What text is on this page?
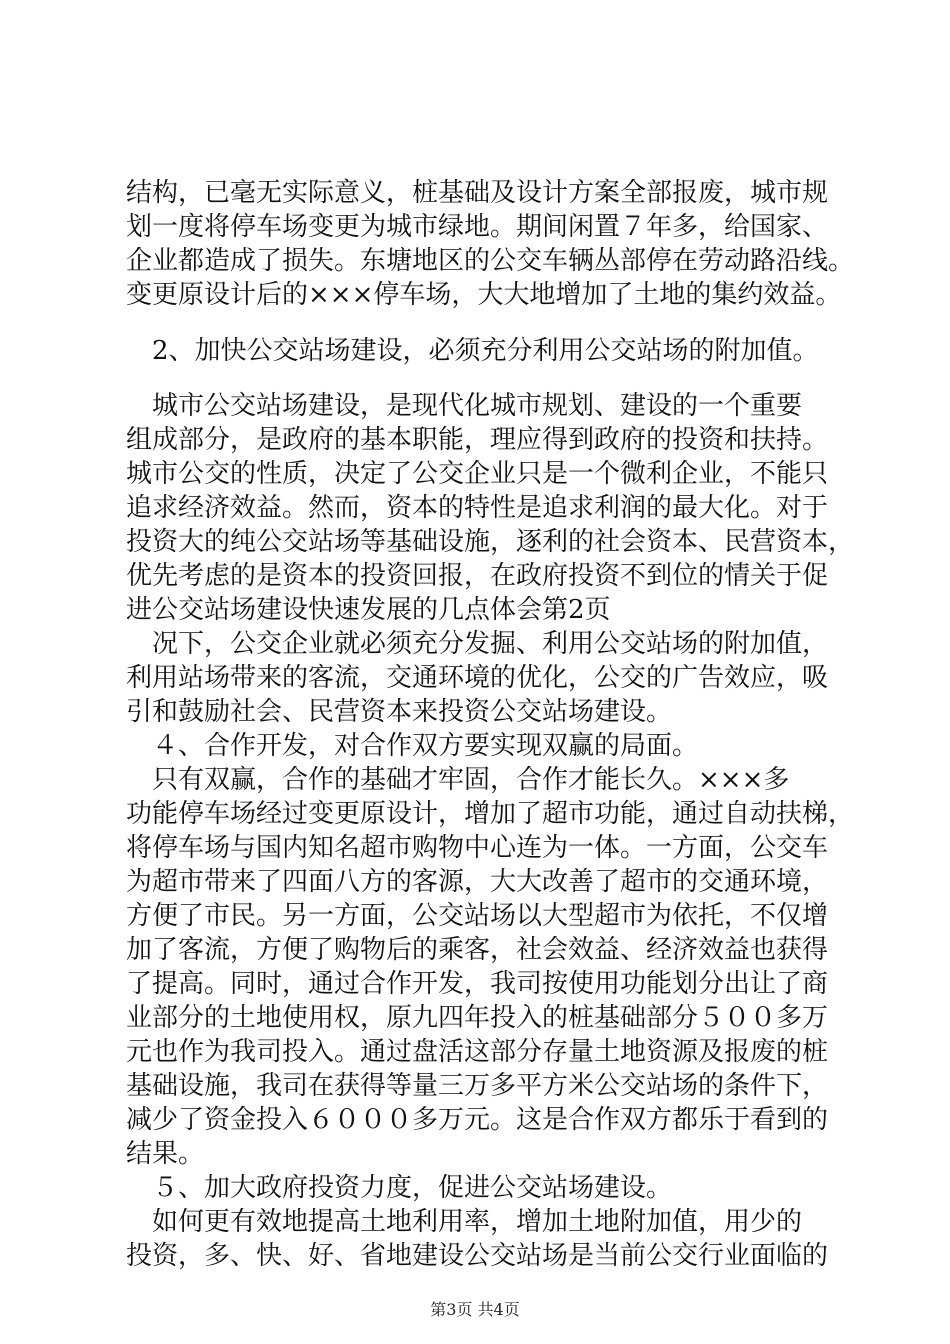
结构，已毫无实际意义，桩基础及设计方案全部报废，城市规
划一度将停车场变更为城市绿地。期间闲置７年多，给国家、
企业都造成了损失。东塘地区的公交车辆丛部停在劳动路沿线。
变更原设计后的×××停车场，大大地增加了土地的集约效益。
　2、加快公交站场建设，必须充分利用公交站场的附加值。
　城市公交站场建设，是现代化城市规划、建设的一个重要
组成部分，是政府的基本职能，理应得到政府的投资和扶持。
城市公交的性质，决定了公交企业只是一个微利企业，不能只
追求经济效益。然而，资本的特性是追求利润的最大化。对于
投资大的纯公交站场等基础设施，逐利的社会资本、民营资本，
优先考虑的是资本的投资回报，在政府投资不到位的情关于促
进公交站场建设快速发展的几点体会第2页
　况下，公交企业就必须充分发掘、利用公交站场的附加值，
利用站场带来的客流，交通环境的优化，公交的广告效应，吸
引和鼓励社会、民营资本来投资公交站场建设。
　４、合作开发，对合作双方要实现双赢的局面。
　只有双赢，合作的基础才牢固，合作才能长久。×××多
功能停车场经过变更原设计，增加了超市功能，通过自动扶梯，
将停车场与国内知名超市购物中心连为一体。一方面，公交车
为超市带来了四面八方的客源，大大改善了超市的交通环境，
方便了市民。另一方面，公交站场以大型超市为依托，不仅增
加了客流，方便了购物后的乘客，社会效益、经济效益也获得
了提高。同时，通过合作开发，我司按使用功能划分出让了商
业部分的土地使用权，原九四年投入的桩基础部分５００多万
元也作为我司投入。通过盘活这部分存量土地资源及报废的桩
基础设施，我司在获得等量三万多平方米公交站场的条件下，
减少了资金投入６０００多万元。这是合作双方都乐于看到的
结果。
　５、加大政府投资力度，促进公交站场建设。
　如何更有效地提高土地利用率，增加土地附加值，用少的
第3页 共4页
投资，多、快、好、省地建设公交站场是当前公交行业面临的
